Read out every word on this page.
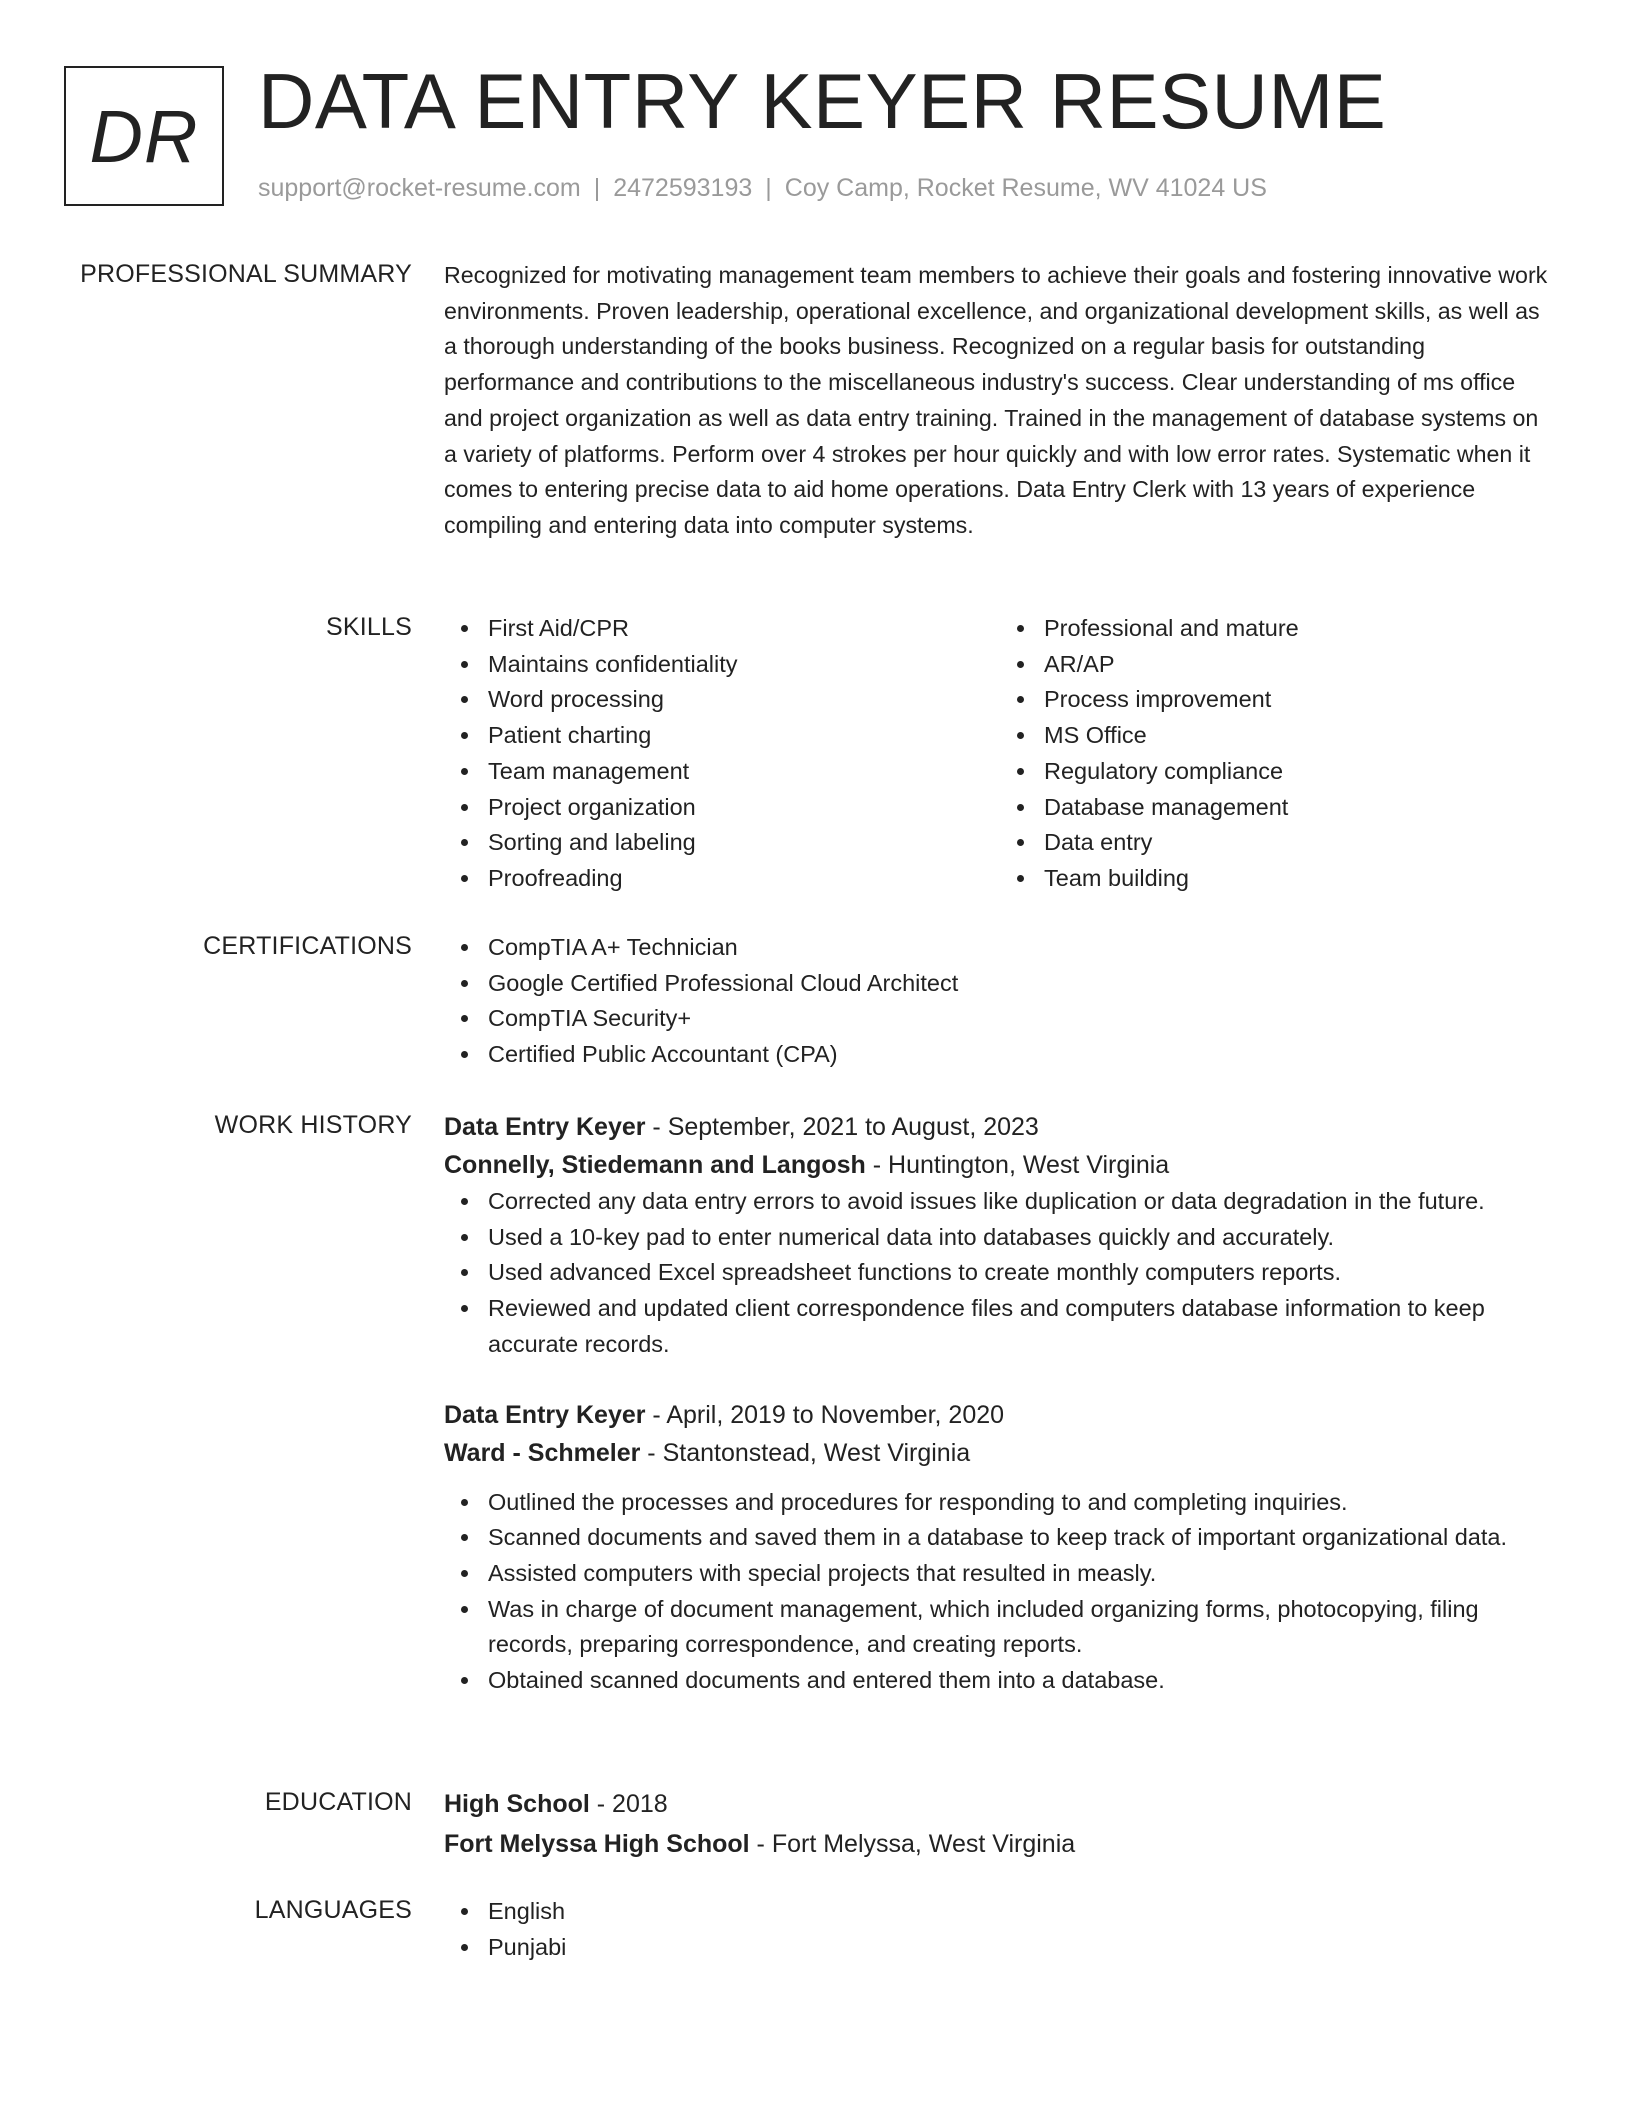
DR DATA ENTRY KEYER RESUME
support@rocket-resume.com | 2472593193 | Coy Camp, Rocket Resume, WV 41024 US
PROFESSIONAL SUMMARY Recognized for motivating management team members to achieve their goals and fostering innovative work environments. Proven leadership, operational excellence, and organizational development skills, as well as a thorough understanding of the books business. Recognized on a regular basis for outstanding performance and contributions to the miscellaneous industry's success. Clear understanding of ms office and project organization as well as data entry training. Trained in the management of database systems on a variety of platforms. Perform over 4 strokes per hour quickly and with low error rates. Systematic when it comes to entering precise data to aid home operations. Data Entry Clerk with 13 years of experience compiling and entering data into computer systems.
SKILLS	First Aid/CPR
Maintains confidentiality
Word processing
Patient charting
Team management
Project organization
Sorting and labeling
Proofreading
Professional and mature
AR/AP
Process improvement
MS Office
Regulatory compliance
Database management
Data entry
Team building
CERTIFICATIONS	CompTIA A+ Technician
Google Certified Professional Cloud Architect
CompTIA Security+
Certified Public Accountant (CPA)
WORK HISTORY Data Entry Keyer - September, 2021 to August, 2023
Connelly, Stiedemann and Langosh - Huntington, West Virginia
Corrected any data entry errors to avoid issues like duplication or data degradation in the future.
Used a 10-key pad to enter numerical data into databases quickly and accurately.
Used advanced Excel spreadsheet functions to create monthly computers reports.
Reviewed and updated client correspondence files and computers database information to keep accurate records.
Data Entry Keyer - April, 2019 to November, 2020
Ward - Schmeler - Stantonstead, West Virginia
Outlined the processes and procedures for responding to and completing inquiries.
Scanned documents and saved them in a database to keep track of important organizational data.
Assisted computers with special projects that resulted in measly.
Was in charge of document management, which included organizing forms, photocopying, filing records, preparing correspondence, and creating reports.
Obtained scanned documents and entered them into a database.
EDUCATION High School - 2018
Fort Melyssa High School - Fort Melyssa, West Virginia
LANGUAGES	English
Punjabi
